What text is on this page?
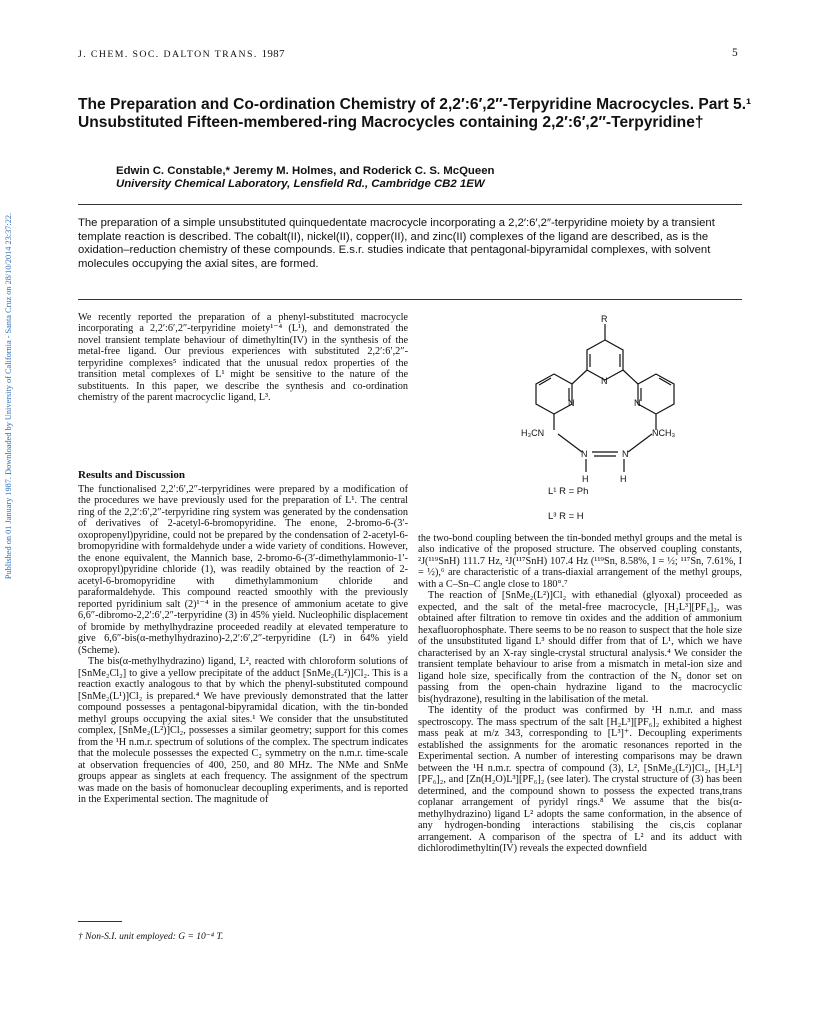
Published on 01 January 1987. Downloaded by University of California - Santa Cruz on 28/10/2014 23:37:22.
J. CHEM. SOC. DALTON TRANS. 1987	5
The Preparation and Co-ordination Chemistry of 2,2′:6′,2″-Terpyridine Macrocycles. Part 5.¹ Unsubstituted Fifteen-membered-ring Macrocycles containing 2,2′:6′,2″-Terpyridine†
Edwin C. Constable,* Jeremy M. Holmes, and Roderick C. S. McQueen
University Chemical Laboratory, Lensfield Rd., Cambridge CB2 1EW
The preparation of a simple unsubstituted quinquedentate macrocycle incorporating a 2,2′:6′,2″-terpyridine moiety by a transient template reaction is described. The cobalt(II), nickel(II), copper(II), and zinc(II) complexes of the ligand are described, as is the oxidation–reduction chemistry of these compounds. E.s.r. studies indicate that pentagonal-bipyramidal complexes, with solvent molecules occupying the axial sites, are formed.

We recently reported the preparation of a phenyl-substituted macrocycle incorporating a 2,2′:6′,2″-terpyridine moiety¹⁻⁴ (L¹), and demonstrated the novel transient template behaviour of dimethyltin(IV) in the synthesis of the metal-free ligand. Our previous experiences with substituted 2,2′:6′,2″-terpyridine complexes⁵ indicated that the unusual redox properties of the transition metal complexes of L¹ might be sensitive to the nature of the substituents. In this paper, we describe the synthesis and co-ordination chemistry of the parent macrocyclic ligand, L³.

Results and Discussion

The functionalised 2,2′:6′,2″-terpyridines were prepared by a modification of the procedures we have previously used for the preparation of L¹. The central ring of the 2,2′:6′,2″-terpyridine ring system was generated by the condensation of derivatives of 2-acetyl-6-bromopyridine. The enone, 2-bromo-6-(3′-oxopropenyl)pyridine, could not be prepared by the condensation of 2-acetyl-6-bromopyridine with formaldehyde under a wide variety of conditions. However, the enone equivalent, the Mannich base, 2-bromo-6-(3′-dimethylammonio-1′-oxopropyl)pyridine chloride (1), was readily obtained by the reaction of 2-acetyl-6-bromopyridine with dimethylammonium chloride and paraformaldehyde. This compound reacted smoothly with the previously reported pyridinium salt (2)¹⁻⁴ in the presence of ammonium acetate to give 6,6″-dibromo-2,2′:6′,2″-terpyridine (3) in 45% yield. Nucleophilic displacement of bromide by methylhydrazine proceeded readily at elevated temperature to give 6,6″-bis(α-methylhydrazino)-2,2′:6′,2″-terpyridine (L²) in 64% yield (Scheme).

The bis(α-methylhydrazino) ligand, L², reacted with chloroform solutions of [SnMe₂Cl₂] to give a yellow precipitate of the adduct [SnMe₂(L²)]Cl₂. This is a reaction exactly analogous to that by which the phenyl-substituted compound [SnMe₂(L¹)]Cl₂ is prepared.⁴ We have previously demonstrated that the latter compound possesses a pentagonal-bipyramidal dication, with the tin-bonded methyl groups occupying the axial sites.¹ We consider that the unsubstituted complex, [SnMe₂(L²)]Cl₂, possesses a similar geometry; support for this comes from the ¹H n.m.r. spectrum of solutions of the complex. The spectrum indicates that the molecule possesses the expected C₂ symmetry on the n.m.r. time-scale at observation frequencies of 400, 250, and 80 MHz. The NMe and SnMe groups appear as singlets at each frequency. The assignment of the spectrum was made on the basis of homonuclear decoupling experiments, and is reported in the Experimental section. The magnitude of

† Non-S.I. unit employed: G = 10⁻⁴ T.
R
N
N
N
N
N
H₃CN	NCH₃
H	H
L¹ R = Ph
L³ R = H

the two-bond coupling between the tin-bonded methyl groups and the metal is also indicative of the proposed structure. The observed coupling constants, ²J(¹¹⁹SnH) 111.7 Hz, ²J(¹¹⁷SnH) 107.4 Hz (¹¹⁹Sn, 8.58%, I = ½; ¹¹⁷Sn, 7.61%, I = ½),⁶ are characteristic of a trans-diaxial arrangement of the methyl groups, with a C–Sn–C angle close to 180°.⁷

The reaction of [SnMe₂(L²)]Cl₂ with ethanedial (glyoxal) proceeded as expected, and the salt of the metal-free macrocycle, [H₂L³][PF₆]₂, was obtained after filtration to remove tin oxides and the addition of ammonium hexafluorophosphate. There seems to be no reason to suspect that the hole size of the unsubstituted ligand L³ should differ from that of L¹, which we have characterised by an X-ray single-crystal structural analysis.⁴ We consider the transient template behaviour to arise from a mismatch in metal-ion size and ligand hole size, specifically from the contraction of the N₅ donor set on passing from the open-chain hydrazine ligand to the macrocyclic bis(hydrazone), resulting in the labilisation of the metal.

The identity of the product was confirmed by ¹H n.m.r. and mass spectroscopy. The mass spectrum of the salt [H₂L³][PF₆]₂ exhibited a highest mass peak at m/z 343, corresponding to [L³]⁺. Decoupling experiments established the assignments for the aromatic resonances reported in the Experimental section. A number of interesting comparisons may be drawn between the ¹H n.m.r. spectra of compound (3), L², [SnMe₂(L²)]Cl₂, [H₂L³][PF₆]₂, and [Zn(H₂O)L³][PF₆]₂ (see later). The crystal structure of (3) has been determined, and the compound shown to possess the expected trans,trans coplanar arrangement of pyridyl rings.⁸ We assume that the bis(α-methylhydrazino) ligand L² adopts the same conformation, in the absence of any hydrogen-bonding interactions stabilising the cis,cis coplanar arrangement. A comparison of the spectra of L² and its adduct with dichlorodimethyltin(IV) reveals the expected downfield
